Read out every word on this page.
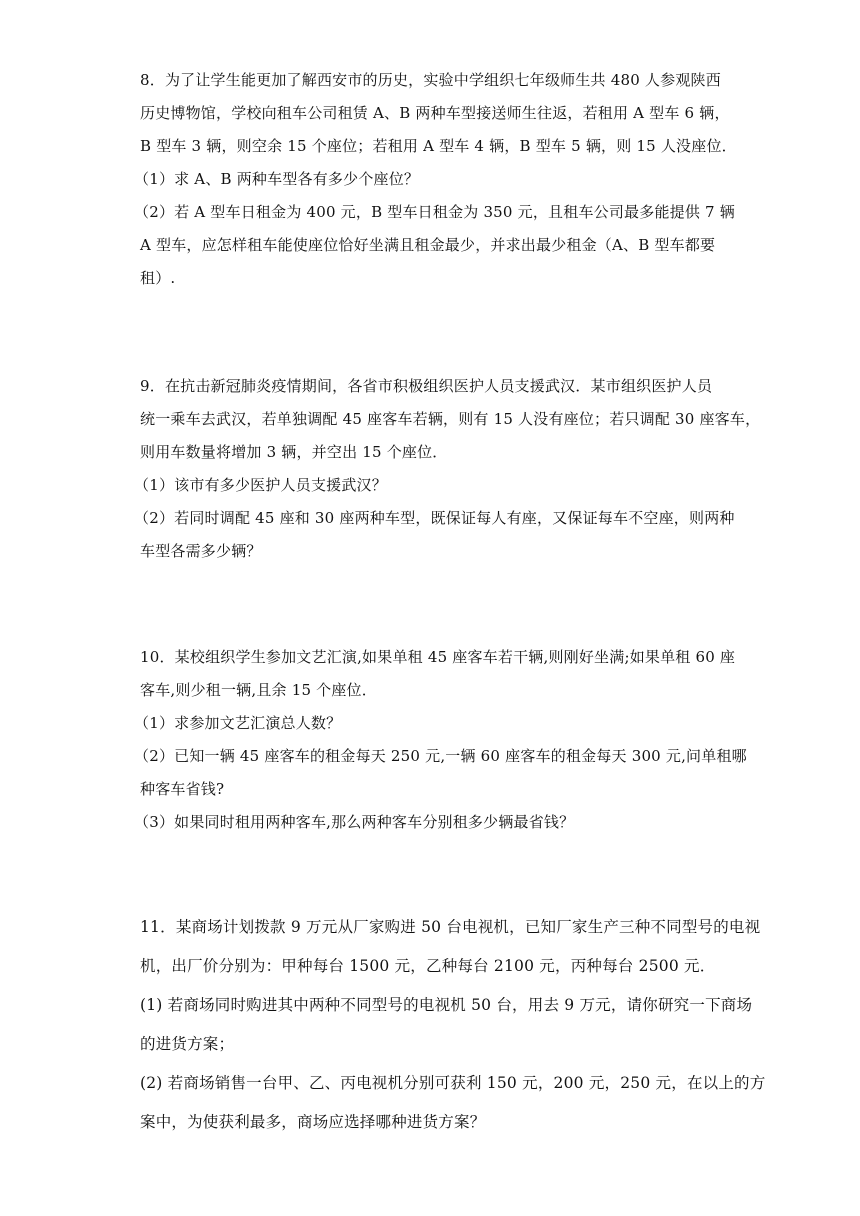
8．为了让学生能更加了解西安市的历史，实验中学组织七年级师生共 480 人参观陕西
历史博物馆，学校向租车公司租赁 A、B 两种车型接送师生往返，若租用 A 型车 6 辆，
B 型车 3 辆，则空余 15 个座位；若租用 A 型车 4 辆，B 型车 5 辆，则 15 人没座位．
（1）求 A、B 两种车型各有多少个座位？
（2）若 A 型车日租金为 400 元，B 型车日租金为 350 元，且租车公司最多能提供 7 辆
A 型车，应怎样租车能使座位恰好坐满且租金最少，并求出最少租金（A、B 型车都要
租）.
9．在抗击新冠肺炎疫情期间，各省市积极组织医护人员支援武汉．某市组织医护人员
统一乘车去武汉，若单独调配 45 座客车若辆，则有 15 人没有座位；若只调配 30 座客车，
则用车数量将增加 3 辆，并空出 15 个座位．
（1）该市有多少医护人员支援武汉？
（2）若同时调配 45 座和 30 座两种车型，既保证每人有座，又保证每车不空座，则两种
车型各需多少辆？
10．某校组织学生参加文艺汇演,如果单租 45 座客车若干辆,则刚好坐满;如果单租 60 座
客车,则少租一辆,且余 15 个座位．
（1）求参加文艺汇演总人数？
（2）已知一辆 45 座客车的租金每天 250 元,一辆 60 座客车的租金每天 300 元,问单租哪
种客车省钱?
（3）如果同时租用两种客车,那么两种客车分别租多少辆最省钱？
11．某商场计划拨款 9 万元从厂家购进 50 台电视机，已知厂家生产三种不同型号的电视
机，出厂价分别为：甲种每台 1500 元，乙种每台 2100 元，丙种每台 2500 元．
(1) 若商场同时购进其中两种不同型号的电视机 50 台，用去 9 万元，请你研究一下商场
的进货方案；
(2) 若商场销售一台甲、乙、丙电视机分别可获利 150 元，200 元，250 元，在以上的方
案中，为使获利最多，商场应选择哪种进货方案？
